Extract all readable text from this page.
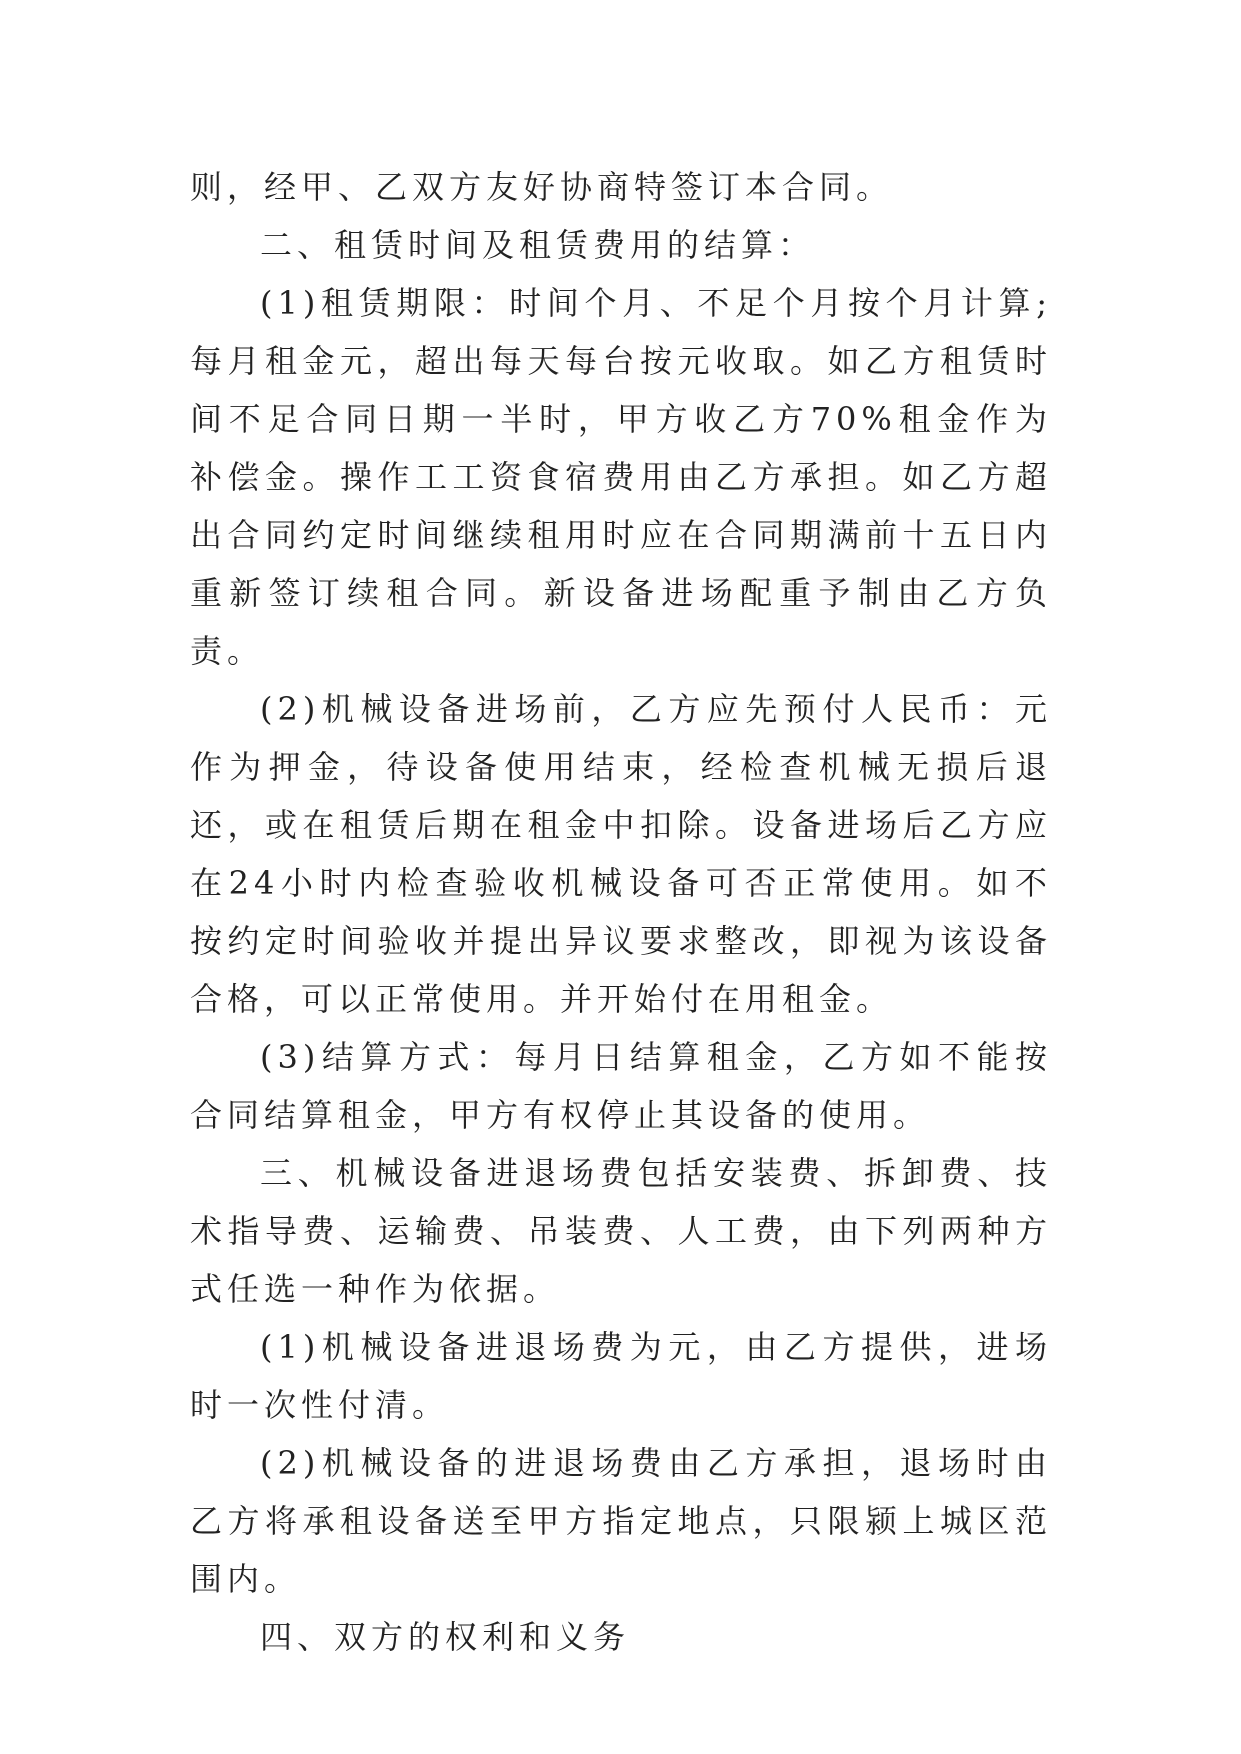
则，经甲、乙双方友好协商特签订本合同。

二、租赁时间及租赁费用的结算：

(1)租赁期限：时间个月、不足个月按个月计算;每月租金元，超出每天每台按元收取。如乙方租赁时间不足合同日期一半时，甲方收乙方70%租金作为补偿金。操作工工资食宿费用由乙方承担。如乙方超出合同约定时间继续租用时应在合同期满前十五日内重新签订续租合同。新设备进场配重予制由乙方负责。

(2)机械设备进场前，乙方应先预付人民币：元作为押金，待设备使用结束，经检查机械无损后退还，或在租赁后期在租金中扣除。设备进场后乙方应在24小时内检查验收机械设备可否正常使用。如不按约定时间验收并提出异议要求整改，即视为该设备合格，可以正常使用。并开始付在用租金。

(3)结算方式：每月日结算租金，乙方如不能按合同结算租金，甲方有权停止其设备的使用。

三、机械设备进退场费包括安装费、拆卸费、技术指导费、运输费、吊装费、人工费，由下列两种方式任选一种作为依据。

(1)机械设备进退场费为元，由乙方提供，进场时一次性付清。

(2)机械设备的进退场费由乙方承担，退场时由乙方将承租设备送至甲方指定地点，只限颍上城区范围内。

四、双方的权利和义务
